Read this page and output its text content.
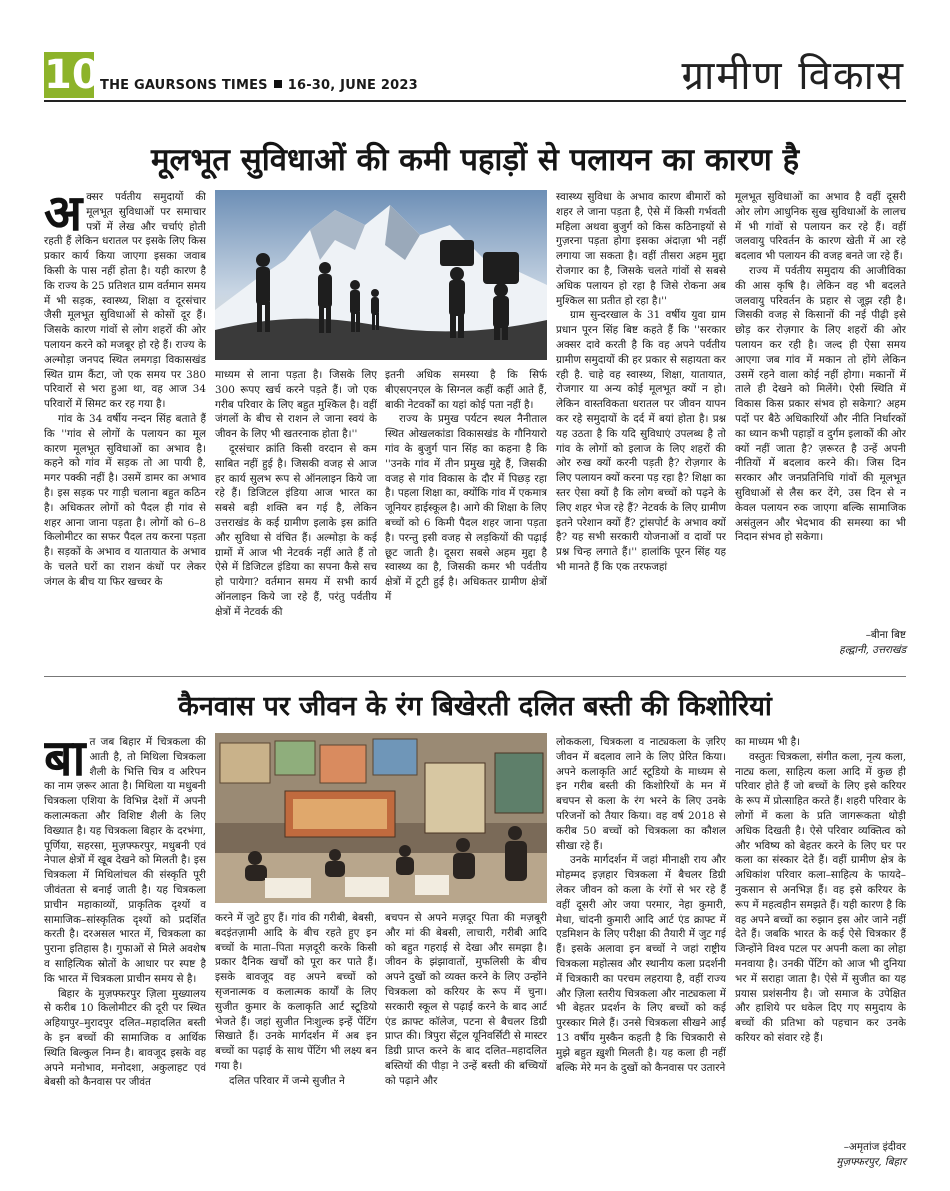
10 THE GAURSONS TIMES 16-30, JUNE 2023	ग्रामीण विकास
मूलभूत सुविधाओं की कमी पहाड़ों से पलायन का कारण है

अक्सर पर्वतीय समुदायों की मूलभूत सुविधाओं पर समाचार पत्रों में लेख और चर्चाएं होती रहती हैं लेकिन धरातल पर इसके लिए किस प्रकार कार्य किया जाएगा इसका जवाब किसी के पास नहीं होता है। यही कारण है कि राज्य के 25 प्रतिशत ग्राम वर्तमान समय में भी सड़क, स्वास्थ्य, शिक्षा व दूरसंचार जैसी मूलभूत सुविधाओं से कोसों दूर हैं। जिसके कारण गांवों से लोग शहरों की ओर पलायन करने को मजबूर हो रहे हैं। राज्य के अल्मोड़ा जनपद स्थित लमगड़ा विकासखंड स्थित ग्राम कैंटा, जो एक समय पर 380 परिवारों से भरा हुआ था, वह आज 34 परिवारों में सिमट कर रह गया है।

गांव के 34 वर्षीय नन्दन सिंह बताते हैं कि ''गांव से लोगों के पलायन का मूल कारण मूलभूत सुविधाओं का अभाव है। कहने को गांव में सड़क तो आ पायी है, मगर पक्की नहीं है। उसमें डामर का अभाव है। इस सड़क पर गाड़ी चलाना बहुत कठिन है। अधिकतर लोगों को पैदल ही गांव से शहर आना जाना पड़ता है। लोगों को 6–8 किलोमीटर का सफर पैदल तय करना पड़ता है। सड़कों के अभाव व यातायात के अभाव के चलते घरों का राशन कंधों पर लेकर जंगल के बीच या फिर खच्चर के

माध्यम से लाना पड़ता है। जिसके लिए 300 रूपए खर्च करने पड़ते हैं। जो एक गरीब परिवार के लिए बहुत मुश्किल है। वहीं जंगलों के बीच से राशन ले जाना स्वयं के जीवन के लिए भी खतरनाक होता है।''

दूरसंचार क्रांति किसी वरदान से कम साबित नहीं हुई है। जिसकी वजह से आज हर कार्य सुलभ रूप से ऑनलाइन किये जा रहे हैं। डिजिटल इंडिया आज भारत का सबसे बड़ी शक्ति बन गई है, लेकिन उत्तराखंड के कई ग्रामीण इलाके इस क्रांति और सुविधा से वंचित हैं। अल्मोड़ा के कई ग्रामों में आज भी नेटवर्क नहीं आते हैं तो ऐसे में डिजिटल इंडिया का सपना कैसे सच हो पायेगा? वर्तमान समय में सभी कार्य ऑनलाइन किये जा रहे हैं, परंतु पर्वतीय क्षेत्रों में नेटवर्क की

इतनी अधिक समस्या है कि सिर्फ बीएसएनएल के सिग्नल कहीं कहीं आते हैं, बाकी नेटवर्कों का यहां कोई पता नहीं है।

राज्य के प्रमुख पर्यटन स्थल नैनीताल स्थित ओखलकांडा विकासखंड के गौनियारो गांव के बुजुर्ग पान सिंह का कहना है कि ''उनके गांव में तीन प्रमुख मुद्दे हैं, जिसकी वजह से गांव विकास के दौर में पिछड़ रहा है। पहला शिक्षा का, क्योंकि गांव में एकमात्र जूनियर हाईस्कूल है। आगे की शिक्षा के लिए बच्चों को 6 किमी पैदल शहर जाना पड़ता है। परन्तु इसी वजह से लड़कियों की पढ़ाई छूट जाती है। दूसरा सबसे अहम मुद्दा है स्वास्थ्य का है, जिसकी कमर भी पर्वतीय क्षेत्रों में टूटी हुई है। अधिकतर ग्रामीण क्षेत्रों में

स्वास्थ्य सुविधा के अभाव कारण बीमारों को शहर ले जाना पड़ता है, ऐसे में किसी गर्भवती महिला अथवा बुजुर्ग को किस कठिनाइयों से गुज़रना पड़ता होगा इसका अंदाज़ा भी नहीं लगाया जा सकता है। वहीं तीसरा अहम मुद्दा रोजगार का है, जिसके चलते गांवों से सबसे अधिक पलायन हो रहा है जिसे रोकना अब मुश्किल सा प्रतीत हो रहा है।''

ग्राम सुन्दरखाल के 31 वर्षीय युवा ग्राम प्रधान पूरन सिंह बिष्ट कहते हैं कि ''सरकार अक्सर दावे करती है कि वह अपने पर्वतीय ग्रामीण समुदायों की हर प्रकार से सहायता कर रही है. चाहे वह स्वास्थ्य, शिक्षा, यातायात, रोजगार या अन्य कोई मूलभूत क्यों न हो। लेकिन वास्तविकता धरातल पर जीवन यापन कर रहे समुदायों के दर्द में बयां होता है। प्रश्न यह उठता है कि यदि सुविधाएं उपलब्ध है तो गांव के लोगों को इलाज के लिए शहरों की ओर रुख क्यों करनी पड़ती है? रोज़गार के लिए पलायन क्यों करना पड़ रहा है? शिक्षा का स्तर ऐसा क्यों है कि लोग बच्चों को पढ़ने के लिए शहर भेज रहे हैं? नेटवर्क के लिए ग्रामीण इतने परेशान क्यों हैं? ट्रांसपोर्ट के अभाव क्यों है? यह सभी सरकारी योजनाओं व दावों पर प्रश्न चिन्ह लगाते हैं।'' हालांकि पूरन सिंह यह भी मानते हैं कि एक तरफजहां

मूलभूत सुविधाओं का अभाव है वहीं दूसरी ओर लोग आधुनिक सुख सुविधाओं के लालच में भी गांवों से पलायन कर रहे हैं। वहीं जलवायु परिवर्तन के कारण खेती में आ रहे बदलाव भी पलायन की वजह बनते जा रहे हैं।

राज्य में पर्वतीय समुदाय की आजीविका की आस कृषि है। लेकिन वह भी बदलते जलवायु परिवर्तन के प्रहार से जूझ रही है। जिसकी वजह से किसानों की नई पीढ़ी इसे छोड़ कर रोज़गार के लिए शहरों की ओर पलायन कर रही है। जल्द ही ऐसा समय आएगा जब गांव में मकान तो होंगे लेकिन उसमें रहने वाला कोई नहीं होगा। मकानों में ताले ही देखने को मिलेंगे। ऐसी स्थिति में विकास किस प्रकार संभव हो सकेगा? अहम पदों पर बैठे अधिकारियों और नीति निर्धारकों का ध्यान कभी पहाड़ों व दुर्गम इलाकों की ओर क्यों नहीं जाता है? ज़रूरत है उन्हें अपनी नीतियों में बदलाव करने की। जिस दिन सरकार और जनप्रतिनिधि गांवों की मूलभूत सुविधाओं से लैस कर देंगे, उस दिन से न केवल पलायन रुक जाएगा बल्कि सामाजिक असंतुलन और भेदभाव की समस्या का भी निदान संभव हो सकेगा।

–बीना बिष्ट
हल्द्वानी, उत्तराखंड
कैनवास पर जीवन के रंग बिखेरती दलित बस्ती की किशोरियां

बात जब बिहार में चित्रकला की आती है, तो मिथिला चित्रकला शैली के भित्ति चित्र व अरिपन का नाम ज़रूर आता है। मिथिला या मधुबनी चित्रकला एशिया के विभिन्न देशों में अपनी कलात्मकता और विशिष्ट शैली के लिए विख्यात है। यह चित्रकला बिहार के दरभंगा, पूर्णिया, सहरसा, मुज़फ्फरपुर, मधुबनी एवं नेपाल क्षेत्रों में खूब देखने को मिलती है। इस चित्रकला में मिथिलांचल की संस्कृति पूरी जीवंतता से बनाई जाती है। यह चित्रकला प्राचीन महाकाव्यों, प्राकृतिक दृश्यों व सामाजिक–सांस्कृतिक दृश्यों को प्रदर्शित करती है। दरअसल भारत में, चित्रकला का पुराना इतिहास है। गुफाओं से मिले अवशेष व साहित्यिक स्रोतों के आधार पर स्पष्ट है कि भारत में चित्रकला प्राचीन समय से है।

बिहार के मुज़फ्फरपुर ज़िला मुख्यालय से करीब 10 किलोमीटर की दूरी पर स्थित अहियापुर–मुरादपुर दलित–महादलित बस्ती के इन बच्चों की सामाजिक व आर्थिक स्थिति बिल्कुल निम्न है। बावजूद इसके वह अपने मनोभाव, मनोदशा, अकुलाहट एवं बेबसी को कैनवास पर जीवंत

करने में जुटे हुए हैं। गांव की गरीबी, बेबसी, बदइंतज़ामी आदि के बीच रहते हुए इन बच्चों के माता–पिता मज़दूरी करके किसी प्रकार दैनिक खर्चों को पूरा कर पाते हैं। इसके बावजूद वह अपने बच्चों को सृजनात्मक व कलात्मक कार्यों के लिए सुजीत कुमार के कलाकृति आर्ट स्टूडियो भेजते हैं। जहां सुजीत निःशुल्क इन्हें पेंटिंग सिखाते हैं। उनके मार्गदर्शन में अब इन बच्चों का पढ़ाई के साथ पेंटिंग भी लक्ष्य बन गया है।

दलित परिवार में जन्मे सुजीत ने

बचपन से अपने मज़दूर पिता की मज़बूरी और मां की बेबसी, लाचारी, गरीबी आदि को बहुत गहराई से देखा और समझा है। जीवन के झंझावातों, मुफलिसी के बीच अपने दुखों को व्यक्त करने के लिए उन्होंने चित्रकला को करियर के रूप में चुना। सरकारी स्कूल से पढ़ाई करने के बाद आर्ट एंड क्राफ्ट कॉलेज, पटना से बैचलर डिग्री प्राप्त की। त्रिपुरा सेंट्रल यूनिवर्सिटी से मास्टर डिग्री प्राप्त करने के बाद दलित–महादलित बस्तियों की पीड़ा ने उन्हें बस्ती की बच्चियों को पढ़ाने और

लोककला, चित्रकला व नाट्यकला के ज़रिए जीवन में बदलाव लाने के लिए प्रेरित किया। अपने कलाकृति आर्ट स्टूडियो के माध्यम से इन गरीब बस्ती की किशोरियों के मन में बचपन से कला के रंग भरने के लिए उनके परिजनों को तैयार किया। वह वर्ष 2018 से करीब 50 बच्चों को चित्रकला का कौशल सीखा रहे हैं।

उनके मार्गदर्शन में जहां मीनाक्षी राय और मोहम्मद इज़हार चित्रकला में बैचलर डिग्री लेकर जीवन को कला के रंगों से भर रहे हैं वहीं दूसरी ओर जया परमार, नेहा कुमारी, मेधा, चांदनी कुमारी आदि आर्ट एंड क्राफ्ट में एडमिशन के लिए परीक्षा की तैयारी में जुट गई हैं। इसके अलावा इन बच्चों ने जहां राष्ट्रीय चित्रकला महोत्सव और स्थानीय कला प्रदर्शनी में चित्रकारी का परचम लहराया है, वहीं राज्य और ज़िला स्तरीय चित्रकला और नाट्यकला में भी बेहतर प्रदर्शन के लिए बच्चों को कई पुरस्कार मिले हैं। उनसे चित्रकला सीखने आईं 13 वर्षीय मुस्कैन कहती है कि चित्रकारी से मुझे बहुत ख़ुशी मिलती है। यह कला ही नहीं बल्कि मेरे मन के दुखों को कैनवास पर उतारने

का माध्यम भी है।

वस्तुतः चित्रकला, संगीत कला, नृत्य कला, नाट्य कला, साहित्य कला आदि में कुछ ही परिवार होते हैं जो बच्चों के लिए इसे करियर के रूप में प्रोत्साहित करते हैं। शहरी परिवार के लोगों में कला के प्रति जागरूकता थोड़ी अधिक दिखती है। ऐसे परिवार व्यक्तित्व को और भविष्य को बेहतर करने के लिए घर पर कला का संस्कार देते हैं। वहीं ग्रामीण क्षेत्र के अधिकांश परिवार कला–साहित्य के फायदे–नुकसान से अनभिज्ञ हैं। वह इसे करियर के रूप में महत्वहीन समझते हैं। यही कारण है कि वह अपने बच्चों का रुझान इस ओर जाने नहीं देते हैं। जबकि भारत के कई ऐसे चित्रकार हैं जिन्होंने विश्व पटल पर अपनी कला का लोहा मनवाया है। उनकी पेंटिंग को आज भी दुनिया भर में सराहा जाता है। ऐसे में सुजीत का यह प्रयास प्रशंसनीय है। जो समाज के उपेक्षित और हाशिये पर धकेल दिए गए समुदाय के बच्चों की प्रतिभा को पहचान कर उनके करियर को संवार रहे हैं।

–अमृतांज इंदीवर
मुज़फ्फरपुर, बिहार
